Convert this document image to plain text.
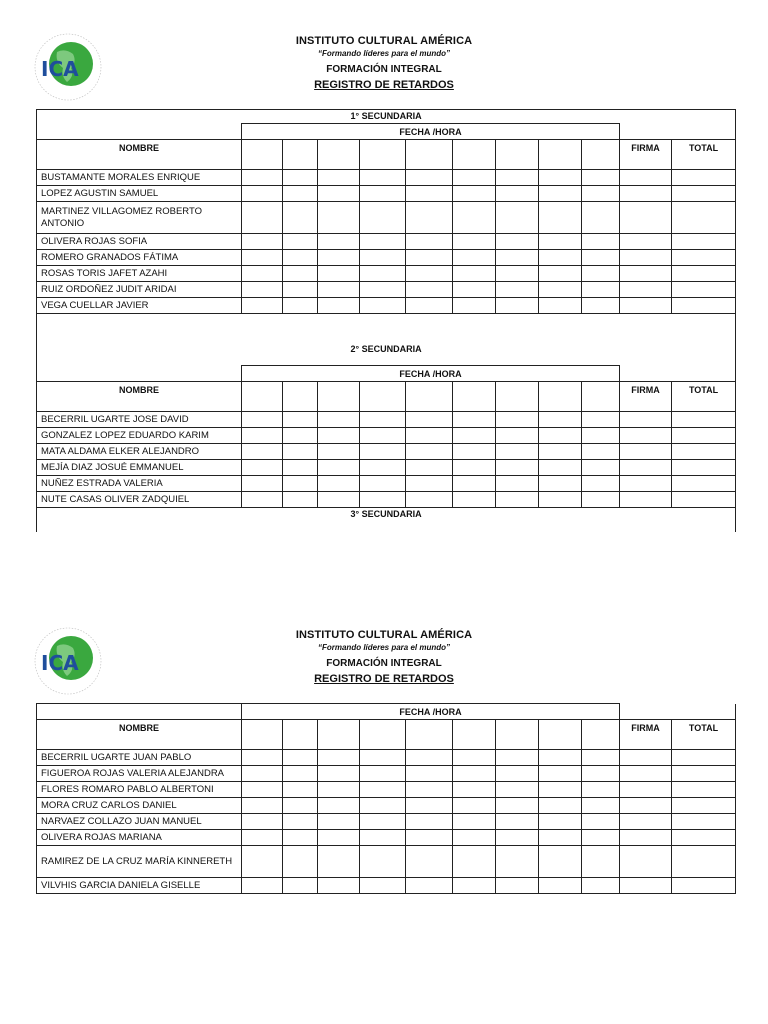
ICA
INSTITUTO CULTURAL AMÉRICA
“Formando líderes para el mundo”
FORMACIÓN INTEGRAL
REGISTRO DE RETARDOS
1° SECUNDARIA											
	FECHA /HORA										
NOMBRE										FIRMA	TOTAL
BUSTAMANTE MORALES ENRIQUE											
LOPEZ AGUSTIN SAMUEL											
MARTINEZ VILLAGOMEZ ROBERTO ANTONIO											
OLIVERA ROJAS SOFIA											
ROMERO GRANADOS FÁTIMA											
ROSAS TORIS JAFET AZAHI											
RUIZ ORDOÑEZ JUDIT ARIDAI											
VEGA CUELLAR JAVIER											
2° SECUNDARIA											
	FECHA /HORA										
NOMBRE										FIRMA	TOTAL
BECERRIL UGARTE JOSE DAVID											
GONZALEZ LOPEZ EDUARDO KARIM											
MATA ALDAMA ELKER ALEJANDRO											
MEJÍA DIAZ JOSUÉ EMMANUEL											
NUÑEZ ESTRADA VALERIA											
NUTE CASAS OLIVER ZADQUIEL											
3° SECUNDARIA											
ICA
INSTITUTO CULTURAL AMÉRICA
“Formando líderes para el mundo”
FORMACIÓN INTEGRAL
REGISTRO DE RETARDOS
	FECHA /HORA										
NOMBRE										FIRMA	TOTAL
BECERRIL UGARTE JUAN PABLO											
FIGUEROA ROJAS VALERIA ALEJANDRA											
FLORES ROMARO PABLO ALBERTONI											
MORA CRUZ CARLOS DANIEL											
NARVAEZ COLLAZO JUAN MANUEL											
OLIVERA ROJAS MARIANA											
RAMIREZ DE LA CRUZ MARÍA KINNERETH											
VILVHIS GARCIA DANIELA GISELLE											
